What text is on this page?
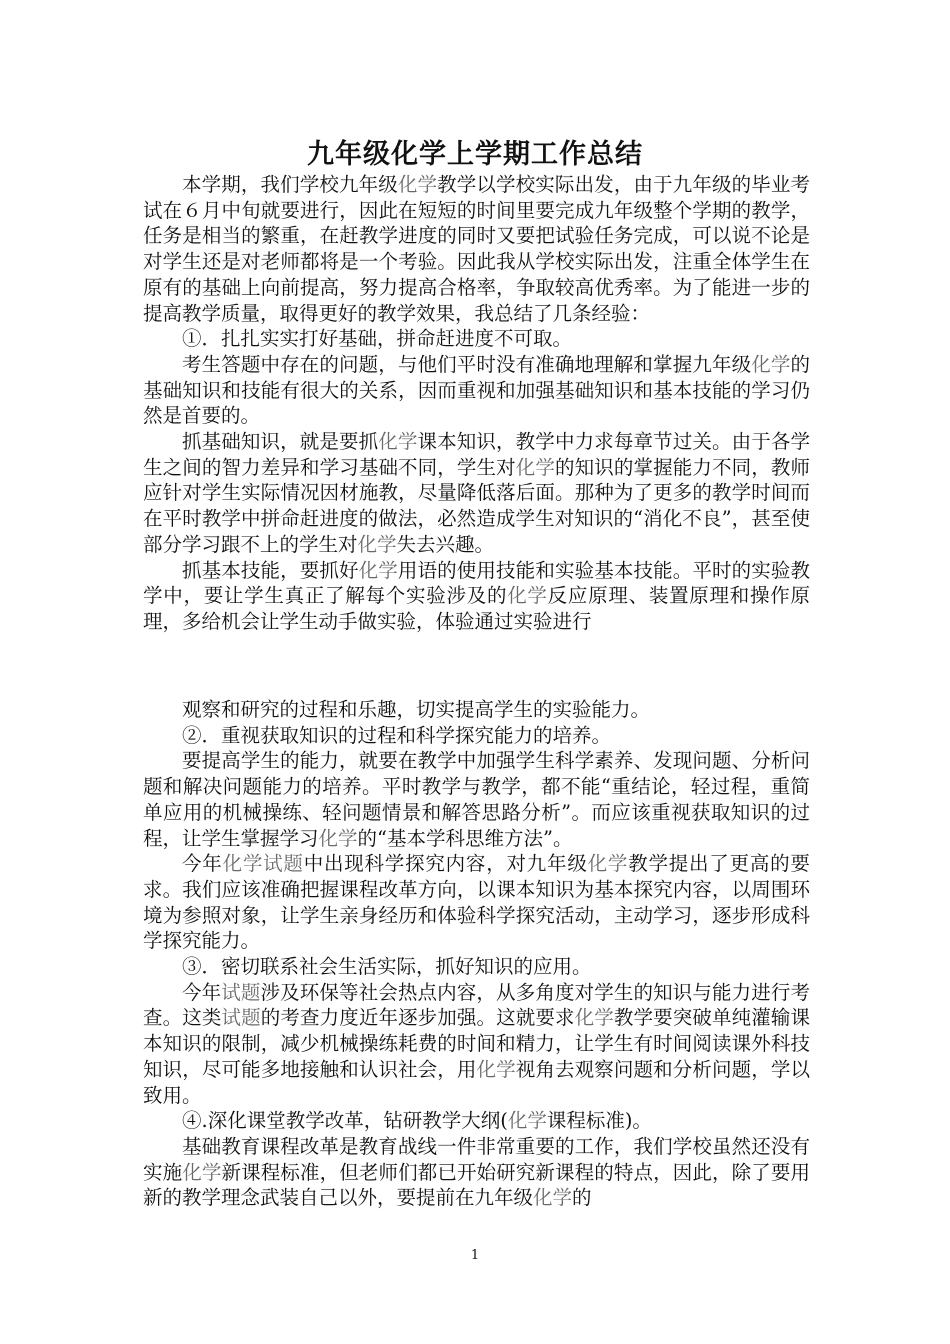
九年级化学上学期工作总结

本学期，我们学校九年级化学教学以学校实际出发，由于九年级的毕业考试在６月中旬就要进行，因此在短短的时间里要完成九年级整个学期的教学，任务是相当的繁重，在赶教学进度的同时又要把试验任务完成，可以说不论是对学生还是对老师都将是一个考验。因此我从学校实际出发，注重全体学生在原有的基础上向前提高，努力提高合格率，争取较高优秀率。为了能进一步的提高教学质量，取得更好的教学效果，我总结了几条经验：

①．扎扎实实打好基础，拼命赶进度不可取。

考生答题中存在的问题，与他们平时没有准确地理解和掌握九年级化学的基础知识和技能有很大的关系，因而重视和加强基础知识和基本技能的学习仍然是首要的。

抓基础知识，就是要抓化学课本知识，教学中力求每章节过关。由于各学生之间的智力差异和学习基础不同，学生对化学的知识的掌握能力不同，教师应针对学生实际情况因材施教，尽量降低落后面。那种为了更多的教学时间而在平时教学中拼命赶进度的做法，必然造成学生对知识的“消化不良”，甚至使部分学习跟不上的学生对化学失去兴趣。

抓基本技能，要抓好化学用语的使用技能和实验基本技能。平时的实验教学中，要让学生真正了解每个实验涉及的化学反应原理、装置原理和操作原理，多给机会让学生动手做实验，体验通过实验进行

观察和研究的过程和乐趣，切实提高学生的实验能力。

②．重视获取知识的过程和科学探究能力的培养。

要提高学生的能力，就要在教学中加强学生科学素养、发现问题、分析问题和解决问题能力的培养。平时教学与教学，都不能“重结论，轻过程，重简单应用的机械操练、轻问题情景和解答思路分析”。而应该重视获取知识的过程，让学生掌握学习化学的“基本学科思维方法”。

今年化学试题中出现科学探究内容，对九年级化学教学提出了更高的要求。我们应该准确把握课程改革方向，以课本知识为基本探究内容，以周围环境为参照对象，让学生亲身经历和体验科学探究活动，主动学习，逐步形成科学探究能力。

③．密切联系社会生活实际，抓好知识的应用。

今年试题涉及环保等社会热点内容，从多角度对学生的知识与能力进行考查。这类试题的考查力度近年逐步加强。这就要求化学教学要突破单纯灌输课本知识的限制，减少机械操练耗费的时间和精力，让学生有时间阅读课外科技知识，尽可能多地接触和认识社会，用化学视角去观察问题和分析问题，学以致用。

④.深化课堂教学改革，钻研教学大纲(化学课程标准)。

基础教育课程改革是教育战线一件非常重要的工作，我们学校虽然还没有实施化学新课程标准，但老师们都已开始研究新课程的特点，因此，除了要用新的教学理念武装自己以外，要提前在九年级化学的

1
